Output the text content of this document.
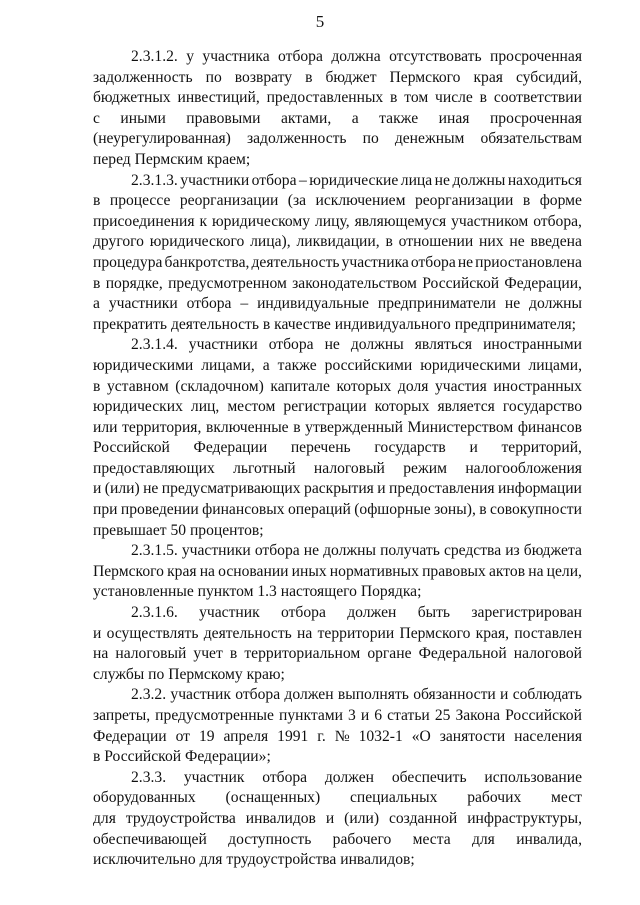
5
2.3.1.2. у участника отбора должна отсутствовать просроченная
задолженность по возврату в бюджет Пермского края субсидий,
бюджетных инвестиций, предоставленных в том числе в соответствии
с иными правовыми актами, а также иная просроченная
(неурегулированная) задолженность по денежным обязательствам
перед Пермским краем;
2.3.1.3. участники отбора – юридические лица не должны находиться
в процессе реорганизации (за исключением реорганизации в форме
присоединения к юридическому лицу, являющемуся участником отбора,
другого юридического лица), ликвидации, в отношении них не введена
процедура банкротства, деятельность участника отбора не приостановлена
в порядке, предусмотренном законодательством Российской Федерации,
а участники отбора – индивидуальные предприниматели не должны
прекратить деятельность в качестве индивидуального предпринимателя;
2.3.1.4. участники отбора не должны являться иностранными
юридическими лицами, а также российскими юридическими лицами,
в уставном (складочном) капитале которых доля участия иностранных
юридических лиц, местом регистрации которых является государство
или территория, включенные в утвержденный Министерством финансов
Российской Федерации перечень государств и территорий,
предоставляющих льготный налоговый режим налогообложения
и (или) не предусматривающих раскрытия и предоставления информации
при проведении финансовых операций (офшорные зоны), в совокупности
превышает 50 процентов;
2.3.1.5. участники отбора не должны получать средства из бюджета
Пермского края на основании иных нормативных правовых актов на цели,
установленные пунктом 1.3 настоящего Порядка;
2.3.1.6. участник отбора должен быть зарегистрирован
и осуществлять деятельность на территории Пермского края, поставлен
на налоговый учет в территориальном органе Федеральной налоговой
службы по Пермскому краю;
2.3.2. участник отбора должен выполнять обязанности и соблюдать
запреты, предусмотренные пунктами 3 и 6 статьи 25 Закона Российской
Федерации от 19 апреля 1991 г. № 1032-1 «О занятости населения
в Российской Федерации»;
2.3.3. участник отбора должен обеспечить использование
оборудованных (оснащенных) специальных рабочих мест
для трудоустройства инвалидов и (или) созданной инфраструктуры,
обеспечивающей доступность рабочего места для инвалида,
исключительно для трудоустройства инвалидов;
